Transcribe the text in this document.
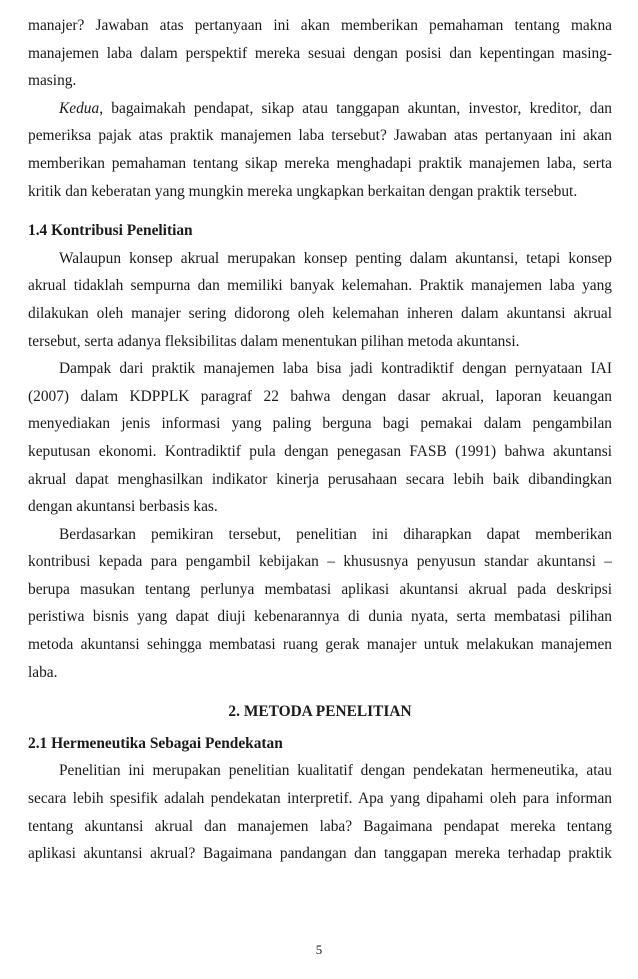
manajer? Jawaban atas pertanyaan ini akan memberikan pemahaman tentang makna
manajemen laba dalam perspektif mereka sesuai dengan posisi dan kepentingan masing-
masing.
Kedua, bagaimakah pendapat, sikap atau tanggapan akuntan, investor, kreditor, dan
pemeriksa pajak atas praktik manajemen laba tersebut? Jawaban atas pertanyaan ini akan
memberikan pemahaman tentang sikap mereka menghadapi praktik manajemen laba, serta
kritik dan keberatan yang mungkin mereka ungkapkan berkaitan dengan praktik tersebut.
1.4 Kontribusi Penelitian
Walaupun konsep akrual merupakan konsep penting dalam akuntansi, tetapi konsep
akrual tidaklah sempurna dan memiliki banyak kelemahan. Praktik manajemen laba yang
dilakukan oleh manajer sering didorong oleh kelemahan inheren dalam akuntansi akrual
tersebut, serta adanya fleksibilitas dalam menentukan pilihan metoda akuntansi.
Dampak dari praktik manajemen laba bisa jadi kontradiktif dengan pernyataan IAI
(2007) dalam KDPPLK paragraf 22 bahwa dengan dasar akrual, laporan keuangan
menyediakan jenis informasi yang paling berguna bagi pemakai dalam pengambilan
keputusan ekonomi. Kontradiktif pula dengan penegasan FASB (1991) bahwa akuntansi
akrual dapat menghasilkan indikator kinerja perusahaan secara lebih baik dibandingkan
dengan akuntansi berbasis kas.
Berdasarkan pemikiran tersebut, penelitian ini diharapkan dapat memberikan
kontribusi kepada para pengambil kebijakan – khususnya penyusun standar akuntansi –
berupa masukan tentang perlunya membatasi aplikasi akuntansi akrual pada deskripsi
peristiwa bisnis yang dapat diuji kebenarannya di dunia nyata, serta membatasi pilihan
metoda akuntansi sehingga membatasi ruang gerak manajer untuk melakukan manajemen
laba.
2. METODA PENELITIAN
2.1 Hermeneutika Sebagai Pendekatan
Penelitian ini merupakan penelitian kualitatif dengan pendekatan hermeneutika, atau
secara lebih spesifik adalah pendekatan interpretif. Apa yang dipahami oleh para informan
tentang akuntansi akrual dan manajemen laba? Bagaimana pendapat mereka tentang
aplikasi akuntansi akrual? Bagaimana pandangan dan tanggapan mereka terhadap praktik
5
